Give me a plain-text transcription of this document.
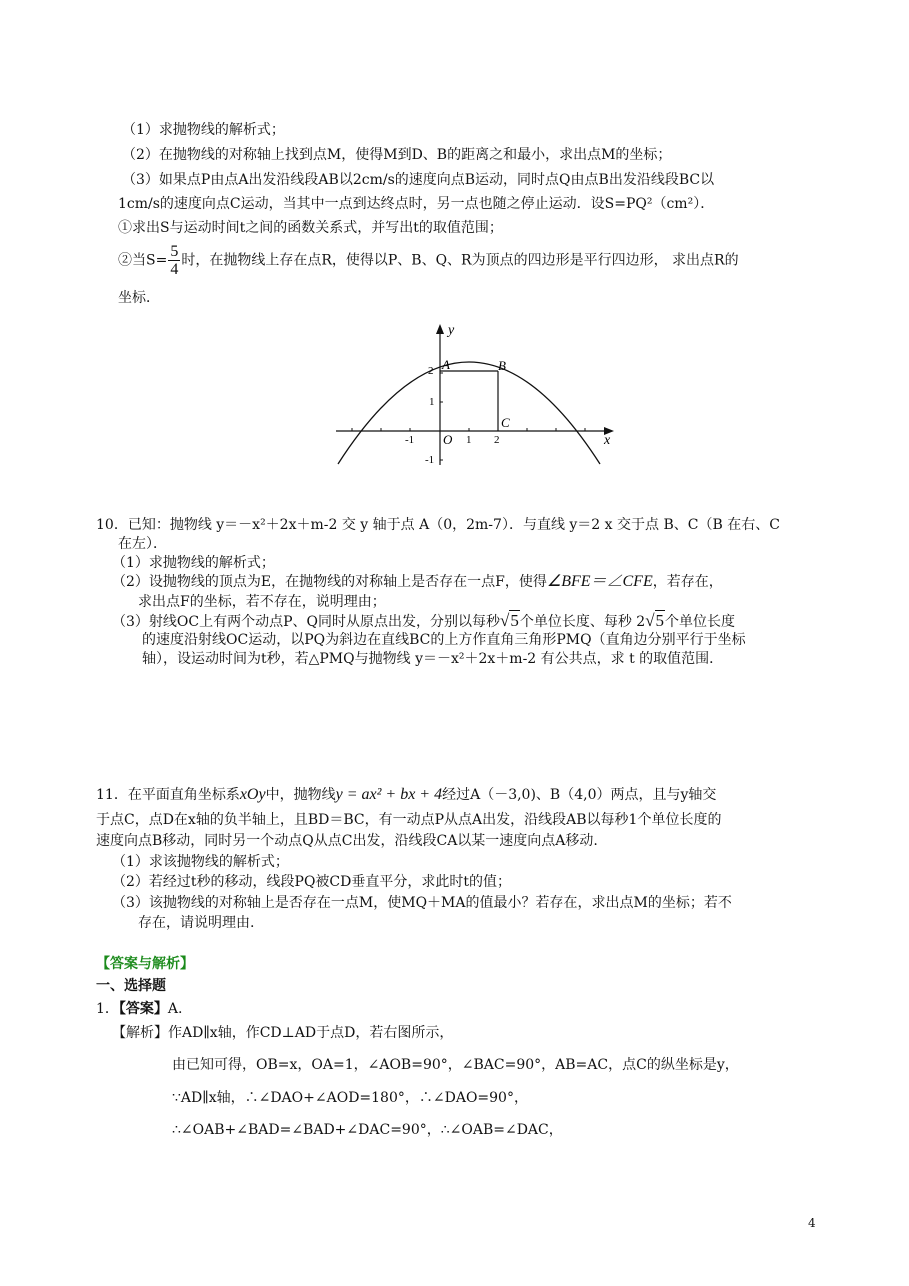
（1）求抛物线的解析式；
（2）在抛物线的对称轴上找到点M，使得M到D、B的距离之和最小，求出点M的坐标；
（3）如果点P由点A出发沿线段AB以2cm/s的速度向点B运动，同时点Q由点B出发沿线段BC以
1cm/s的速度向点C运动，当其中一点到达终点时，另一点也随之停止运动．设S=PQ²（cm²）．
①求出S与运动时间t之间的函数关系式，并写出t的取值范围；
②当$S= \frac{5}{4}$ 时，在抛物线上存在点R，使得以P、B、Q、R为顶点的四边形是平行四边形， 求出点R的
坐标．
y
x
O
A	B
C
2
1
-1
-1	1 2
10．已知：抛物线 y＝－x²＋2x＋m-2 交 y 轴于点 A（0，2m-7）．与直线 y＝2 x 交于点 B、C（B 在右、C
在左）．
（1）求抛物线的解析式；
（2）设抛物线的顶点为E，在抛物线的对称轴上是否存在一点F，使得∠BFE＝∠CFE，若存在，
求出点F的坐标，若不存在，说明理由；
（3）射线OC上有两个动点P、Q同时从原点出发，分别以每秒√5个单位长度、每秒 2√5个单位长度
的速度沿射线OC运动，以PQ为斜边在直线BC的上方作直角三角形PMQ（直角边分别平行于坐标
轴），设运动时间为t秒，若△PMQ与抛物线 y＝－x²＋2x＋m-2 有公共点，求 t 的取值范围．
11．在平面直角坐标系xOy中，抛物线y = ax² + bx + 4经过A（－3,0)、B（4,0）两点，且与y轴交
于点C，点D在x轴的负半轴上，且BD＝BC，有一动点P从点A出发，沿线段AB以每秒1个单位长度的
速度向点B移动，同时另一个动点Q从点C出发，沿线段CA以某一速度向点A移动.
（1）求该抛物线的解析式；
（2）若经过t秒的移动，线段PQ被CD垂直平分，求此时t的值；
（3）该抛物线的对称轴上是否存在一点M，使MQ＋MA的值最小？若存在，求出点M的坐标；若不
存在，请说明理由.
【答案与解析】
一、选择题
1．【答案】A.
【解析】作AD∥x轴，作CD⊥AD于点D，若右图所示，
由已知可得，OB=x，OA=1，∠AOB=90°，∠BAC=90°，AB=AC，点C的纵坐标是y，
∵AD∥x轴，∴∠DAO+∠AOD=180°，∴∠DAO=90°，
∴∠OAB+∠BAD=∠BAD+∠DAC=90°，∴∠OAB=∠DAC，
4
